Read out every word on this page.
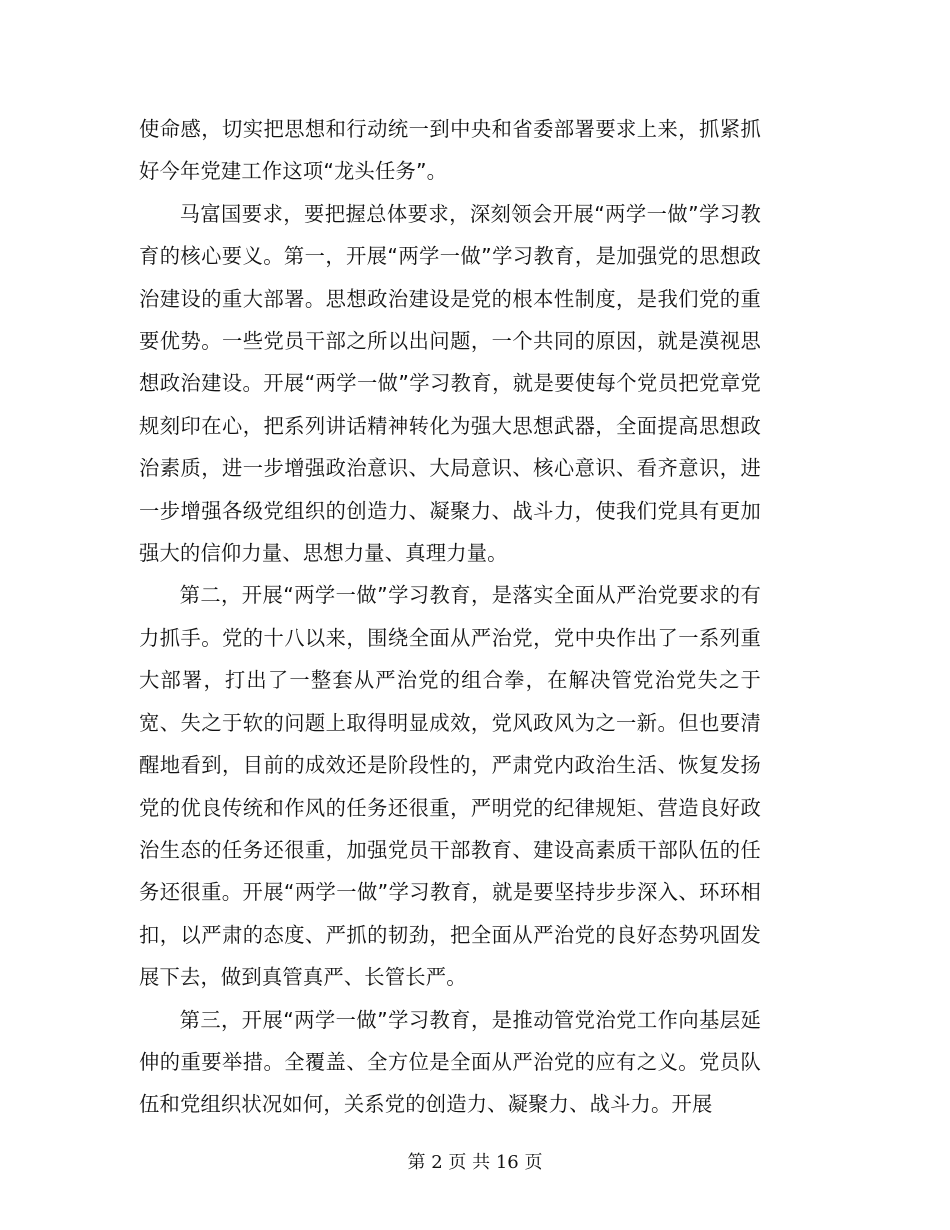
使命感，切实把思想和行动统一到中央和省委部署要求上来，抓紧抓好今年党建工作这项“龙头任务”。

马富国要求，要把握总体要求，深刻领会开展“两学一做”学习教育的核心要义。第一，开展“两学一做”学习教育，是加强党的思想政治建设的重大部署。思想政治建设是党的根本性制度，是我们党的重要优势。一些党员干部之所以出问题，一个共同的原因，就是漠视思想政治建设。开展“两学一做”学习教育，就是要使每个党员把党章党规刻印在心，把系列讲话精神转化为强大思想武器，全面提高思想政治素质，进一步增强政治意识、大局意识、核心意识、看齐意识，进一步增强各级党组织的创造力、凝聚力、战斗力，使我们党具有更加强大的信仰力量、思想力量、真理力量。

第二，开展“两学一做”学习教育，是落实全面从严治党要求的有力抓手。党的十八以来，围绕全面从严治党，党中央作出了一系列重大部署，打出了一整套从严治党的组合拳，在解决管党治党失之于宽、失之于软的问题上取得明显成效，党风政风为之一新。但也要清醒地看到，目前的成效还是阶段性的，严肃党内政治生活、恢复发扬党的优良传统和作风的任务还很重，严明党的纪律规矩、营造良好政治生态的任务还很重，加强党员干部教育、建设高素质干部队伍的任务还很重。开展“两学一做”学习教育，就是要坚持步步深入、环环相扣，以严肃的态度、严抓的韧劲，把全面从严治党的良好态势巩固发展下去，做到真管真严、长管长严。

第三，开展“两学一做”学习教育，是推动管党治党工作向基层延伸的重要举措。全覆盖、全方位是全面从严治党的应有之义。党员队伍和党组织状况如何，关系党的创造力、凝聚力、战斗力。开展

第 2 页 共 16 页
